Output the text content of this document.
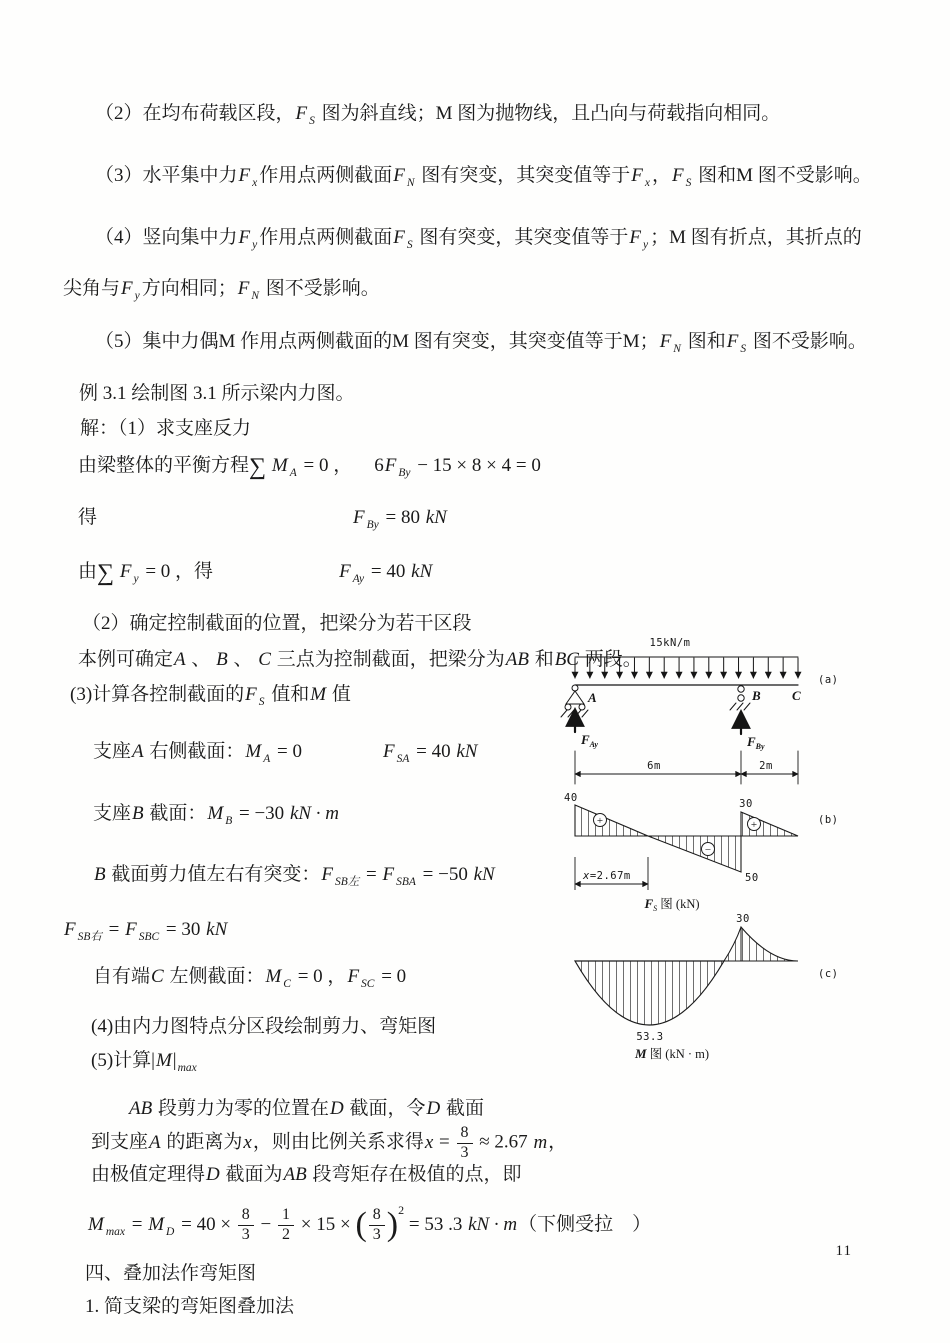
（2）在均布荷载区段，F $_S$ 图为斜直线；M 图为抛物线，且凸向与荷载指向相同。
（3）水平集中力F $_x$ 作用点两侧截面F $_N$ 图有突变，其突变值等于F $_x$ ，F $_S$ 图和M 图不受影响。
（4）竖向集中力F $_y$ 作用点两侧截面F $_S$ 图有突变，其突变值等于F $_y$ ；M 图有折点，其折点的
尖角与F $_y$ 方向相同；F $_N$ 图不受影响。
（5）集中力偶M 作用点两侧截面的M 图有突变，其突变值等于M；F $_N$ 图和F $_S$ 图不受影响。
例 3.1 绘制图 3.1 所示梁内力图。
解：（1）求支座反力
由梁整体的平衡方程∑ M $_A$ = 0 ， 6F $_{By}$ − 15 × 8 × 4 = 0
得	F $_{By}$ = 80 kN
由∑ F $_y$ = 0 ，得	F $_{Ay}$ = 40 kN
（2）确定控制截面的位置，把梁分为若干区段
本例可确定A 、 B 、 C 三点为控制截面，把梁分为AB 和BC 两段。
(3)计算各控制截面的F $_S$ 值和M 值
支座A 右侧截面：M $_A$ = 0	F $_{SA}$ = 40 kN
支座B 截面：M $_B$ = −30 kN · m
B 截面剪力值左右有突变：F $_{SB左}$ = F $_{SBA}$ = −50 kN
F $_{SB右}$ = F $_{SBC}$ = 30 kN
自有端C 左侧截面：M $_C$ = 0 ，F $_{SC}$ = 0
(4)由内力图特点分区段绘制剪力、弯矩图
(5)计算$|M|_{max}$
AB 段剪力为零的位置在D 截面，令D 截面
到支座A 的距离为x，则由比例关系求得$x = \frac{8}{3} \approx 2.67$ m，
由极值定理得D 截面为AB 段弯矩存在极值的点，即
M $_{max}$ = M $_D = 40 \times \frac{8}{3} - \frac{1}{2} \times 15$ × ( $\frac{8}{3} )^2 = 53$ .3 kN · m（下侧受拉　）
四、叠加法作弯矩图
1. 简支梁的弯矩图叠加法
15kN/m
A	B C
$F_{Ay}$	$F_{By}$
6m	2m
(a)
+
−
+
40	30
50
x=2.67m
FS 图 (kN)
(b)
30
53.3
M 图 (kN · m)
(c)
11
